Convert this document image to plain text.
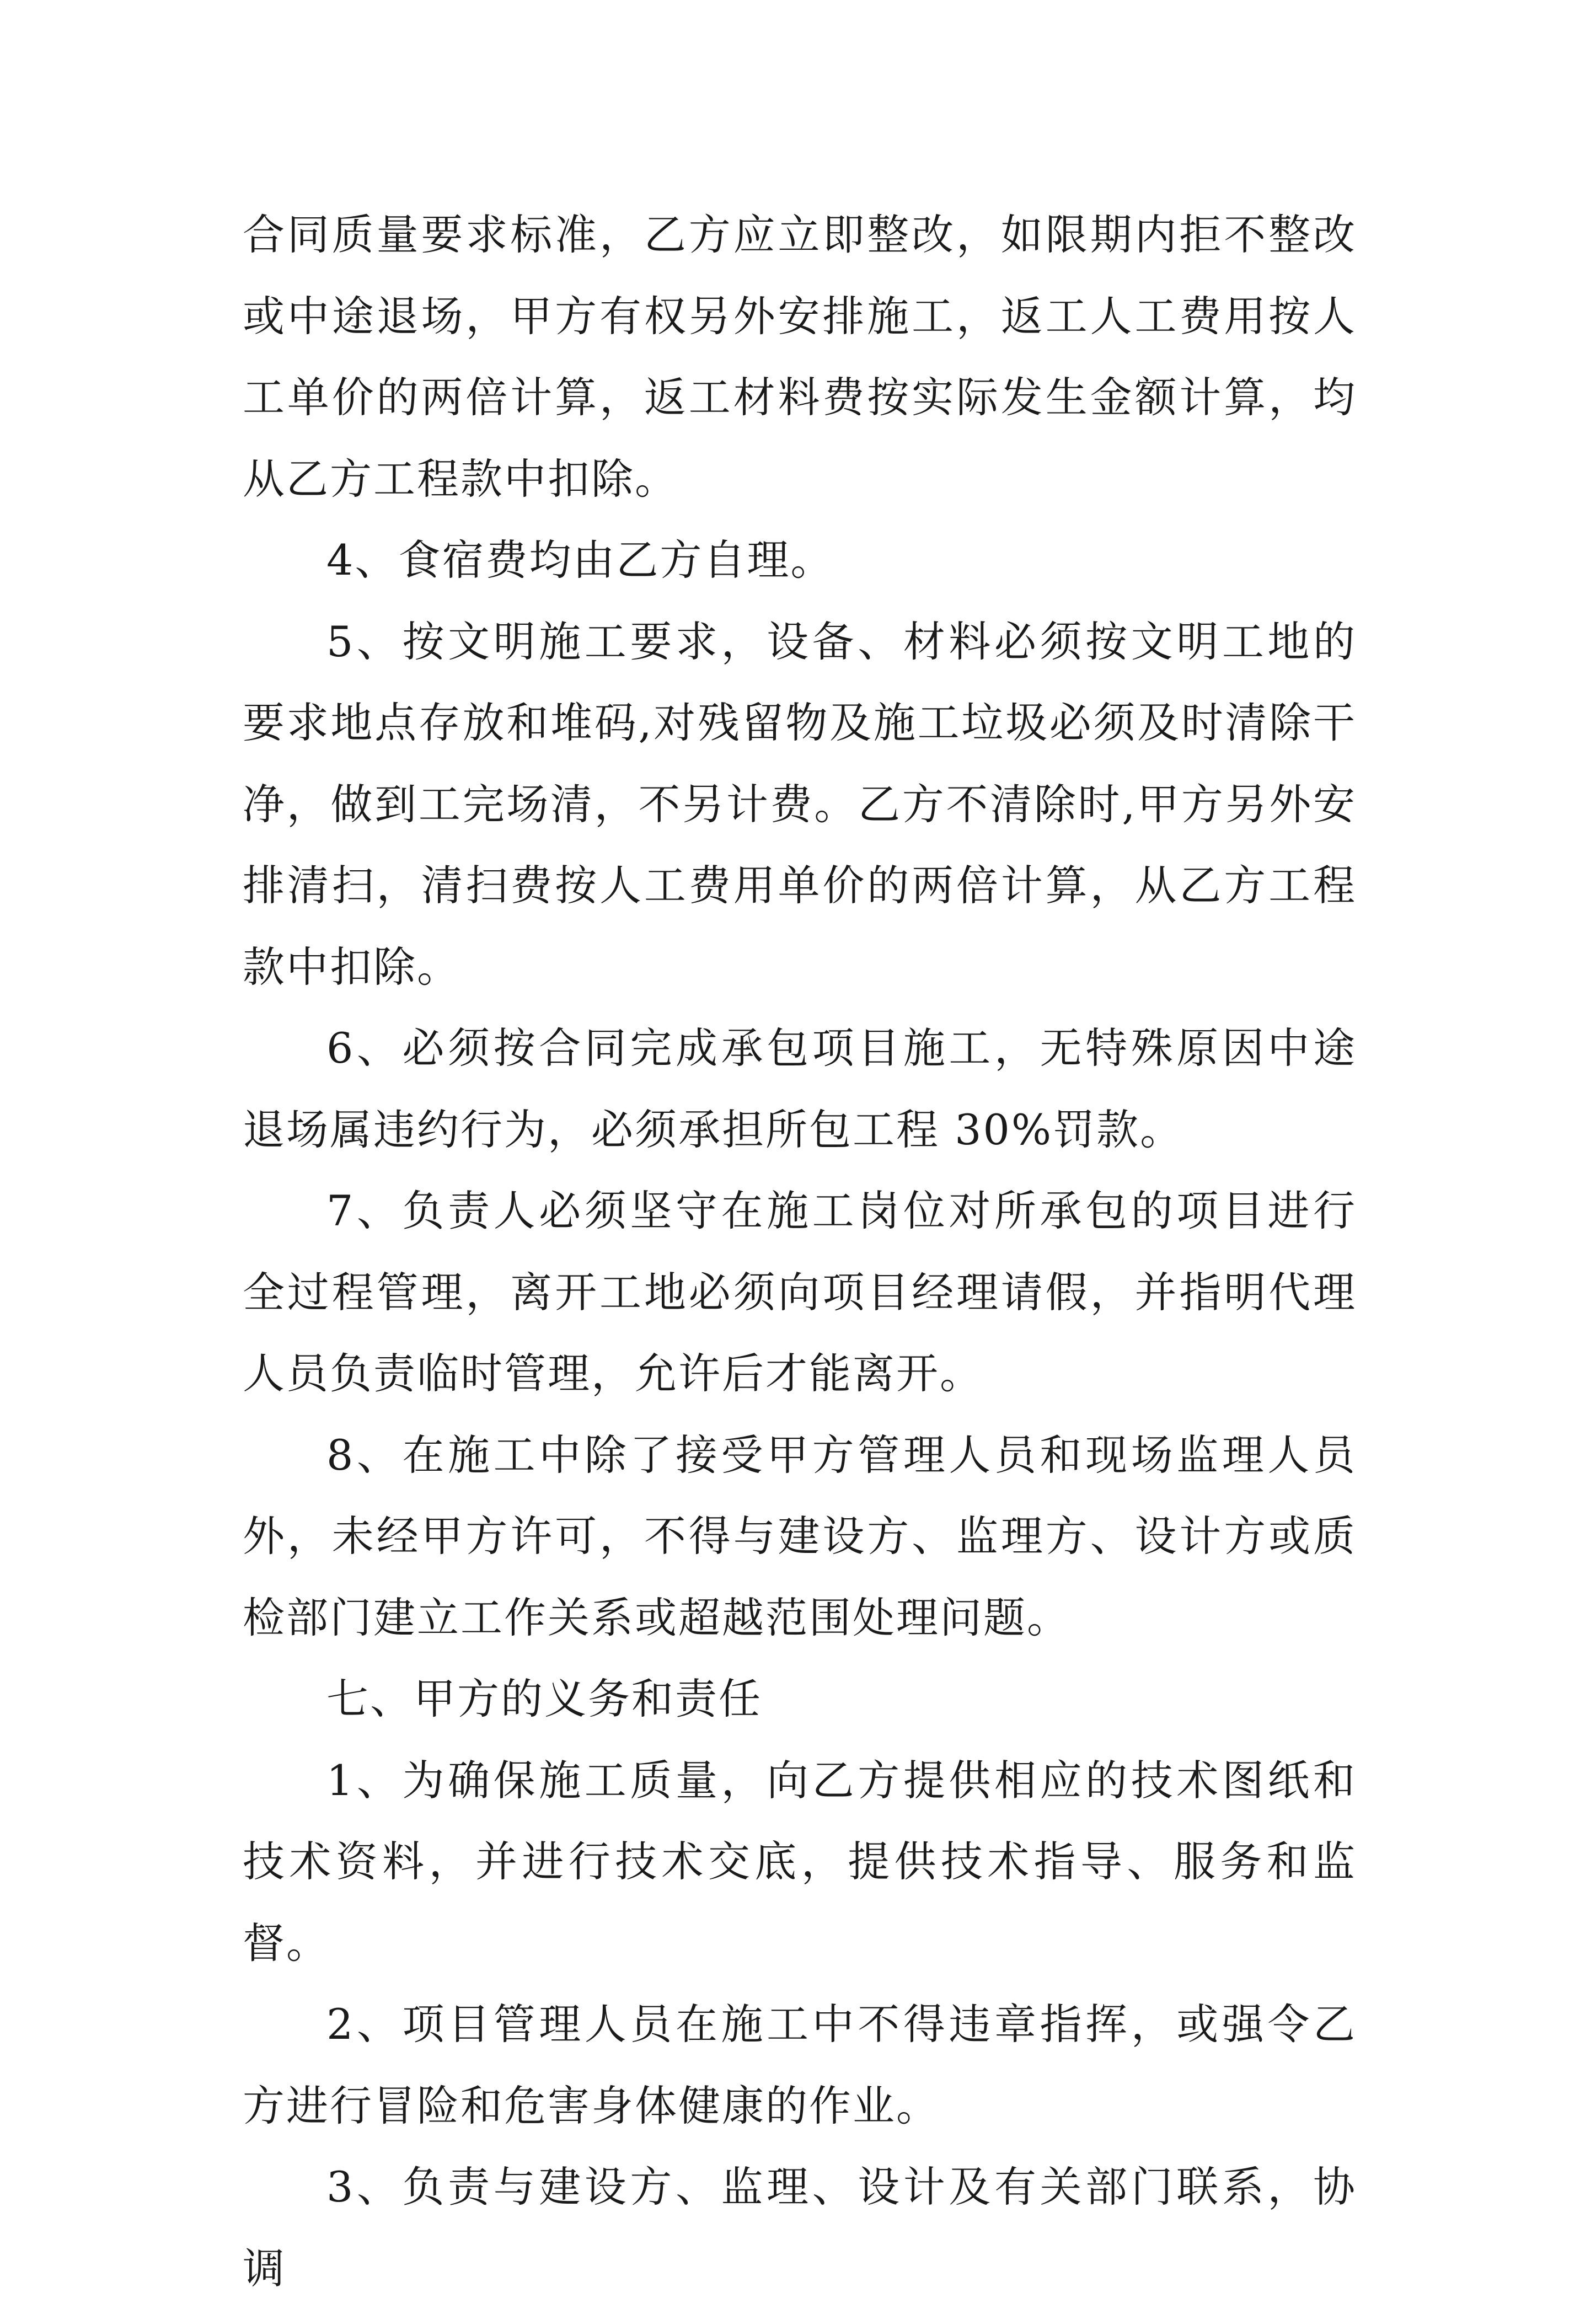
合同质量要求标准，乙方应立即整改，如限期内拒不整改或中途退场，甲方有权另外安排施工，返工人工费用按人工单价的两倍计算，返工材料费按实际发生金额计算，均从乙方工程款中扣除。

4、食宿费均由乙方自理。

5、按文明施工要求，设备、材料必须按文明工地的要求地点存放和堆码,对残留物及施工垃圾必须及时清除干净，做到工完场清，不另计费。乙方不清除时,甲方另外安排清扫，清扫费按人工费用单价的两倍计算，从乙方工程款中扣除。

6、必须按合同完成承包项目施工，无特殊原因中途退场属违约行为，必须承担所包工程 30%罚款。

7、负责人必须坚守在施工岗位对所承包的项目进行全过程管理，离开工地必须向项目经理请假，并指明代理人员负责临时管理，允许后才能离开。

8、在施工中除了接受甲方管理人员和现场监理人员外，未经甲方许可，不得与建设方、监理方、设计方或质检部门建立工作关系或超越范围处理问题。

七、甲方的义务和责任

1、为确保施工质量，向乙方提供相应的技术图纸和技术资料，并进行技术交底，提供技术指导、服务和监督。

2、项目管理人员在施工中不得违章指挥，或强令乙方进行冒险和危害身体健康的作业。

3、负责与建设方、监理、设计及有关部门联系，协调
